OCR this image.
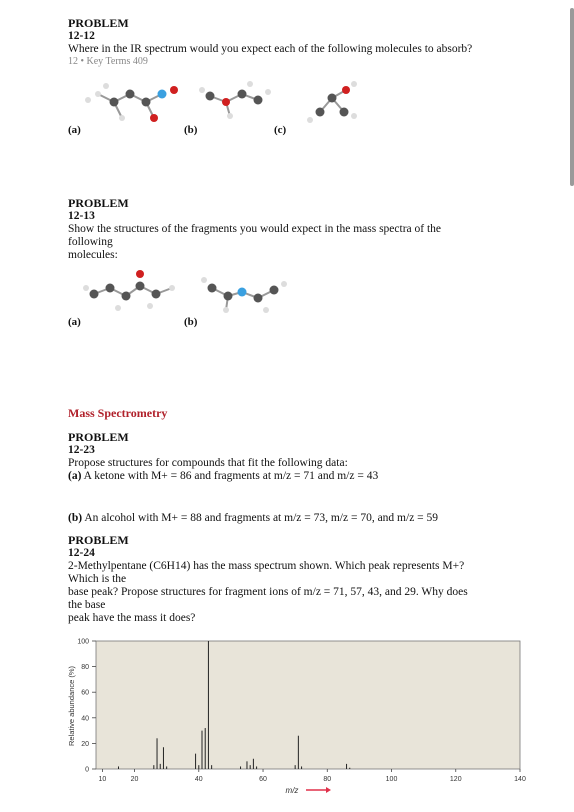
PROBLEM
12-12
Where in the IR spectrum would you expect each of the following molecules to absorb?
12 • Key Terms 409
(a)	(b)	(c)
PROBLEM
12-13
Show the structures of the fragments you would expect in the mass spectra of the
following
molecules:
(a)	(b)
Mass Spectrometry
PROBLEM
12-23
Propose structures for compounds that fit the following data:
(a) A ketone with M+ = 86 and fragments at m/z = 71 and m/z = 43
(b) An alcohol with M+ = 88 and fragments at m/z = 73, m/z = 70, and m/z = 59
PROBLEM
12-24
2-Methylpentane (C6H14) has the mass spectrum shown. Which peak represents M+?
Which is the
base peak? Propose structures for fragment ions of m/z = 71, 57, 43, and 29. Why does
the base
peak have the mass it does?
0
20
40
60
80
100
10	20	40	60	80	100	120	140
Relative abundance (%)
m/z
